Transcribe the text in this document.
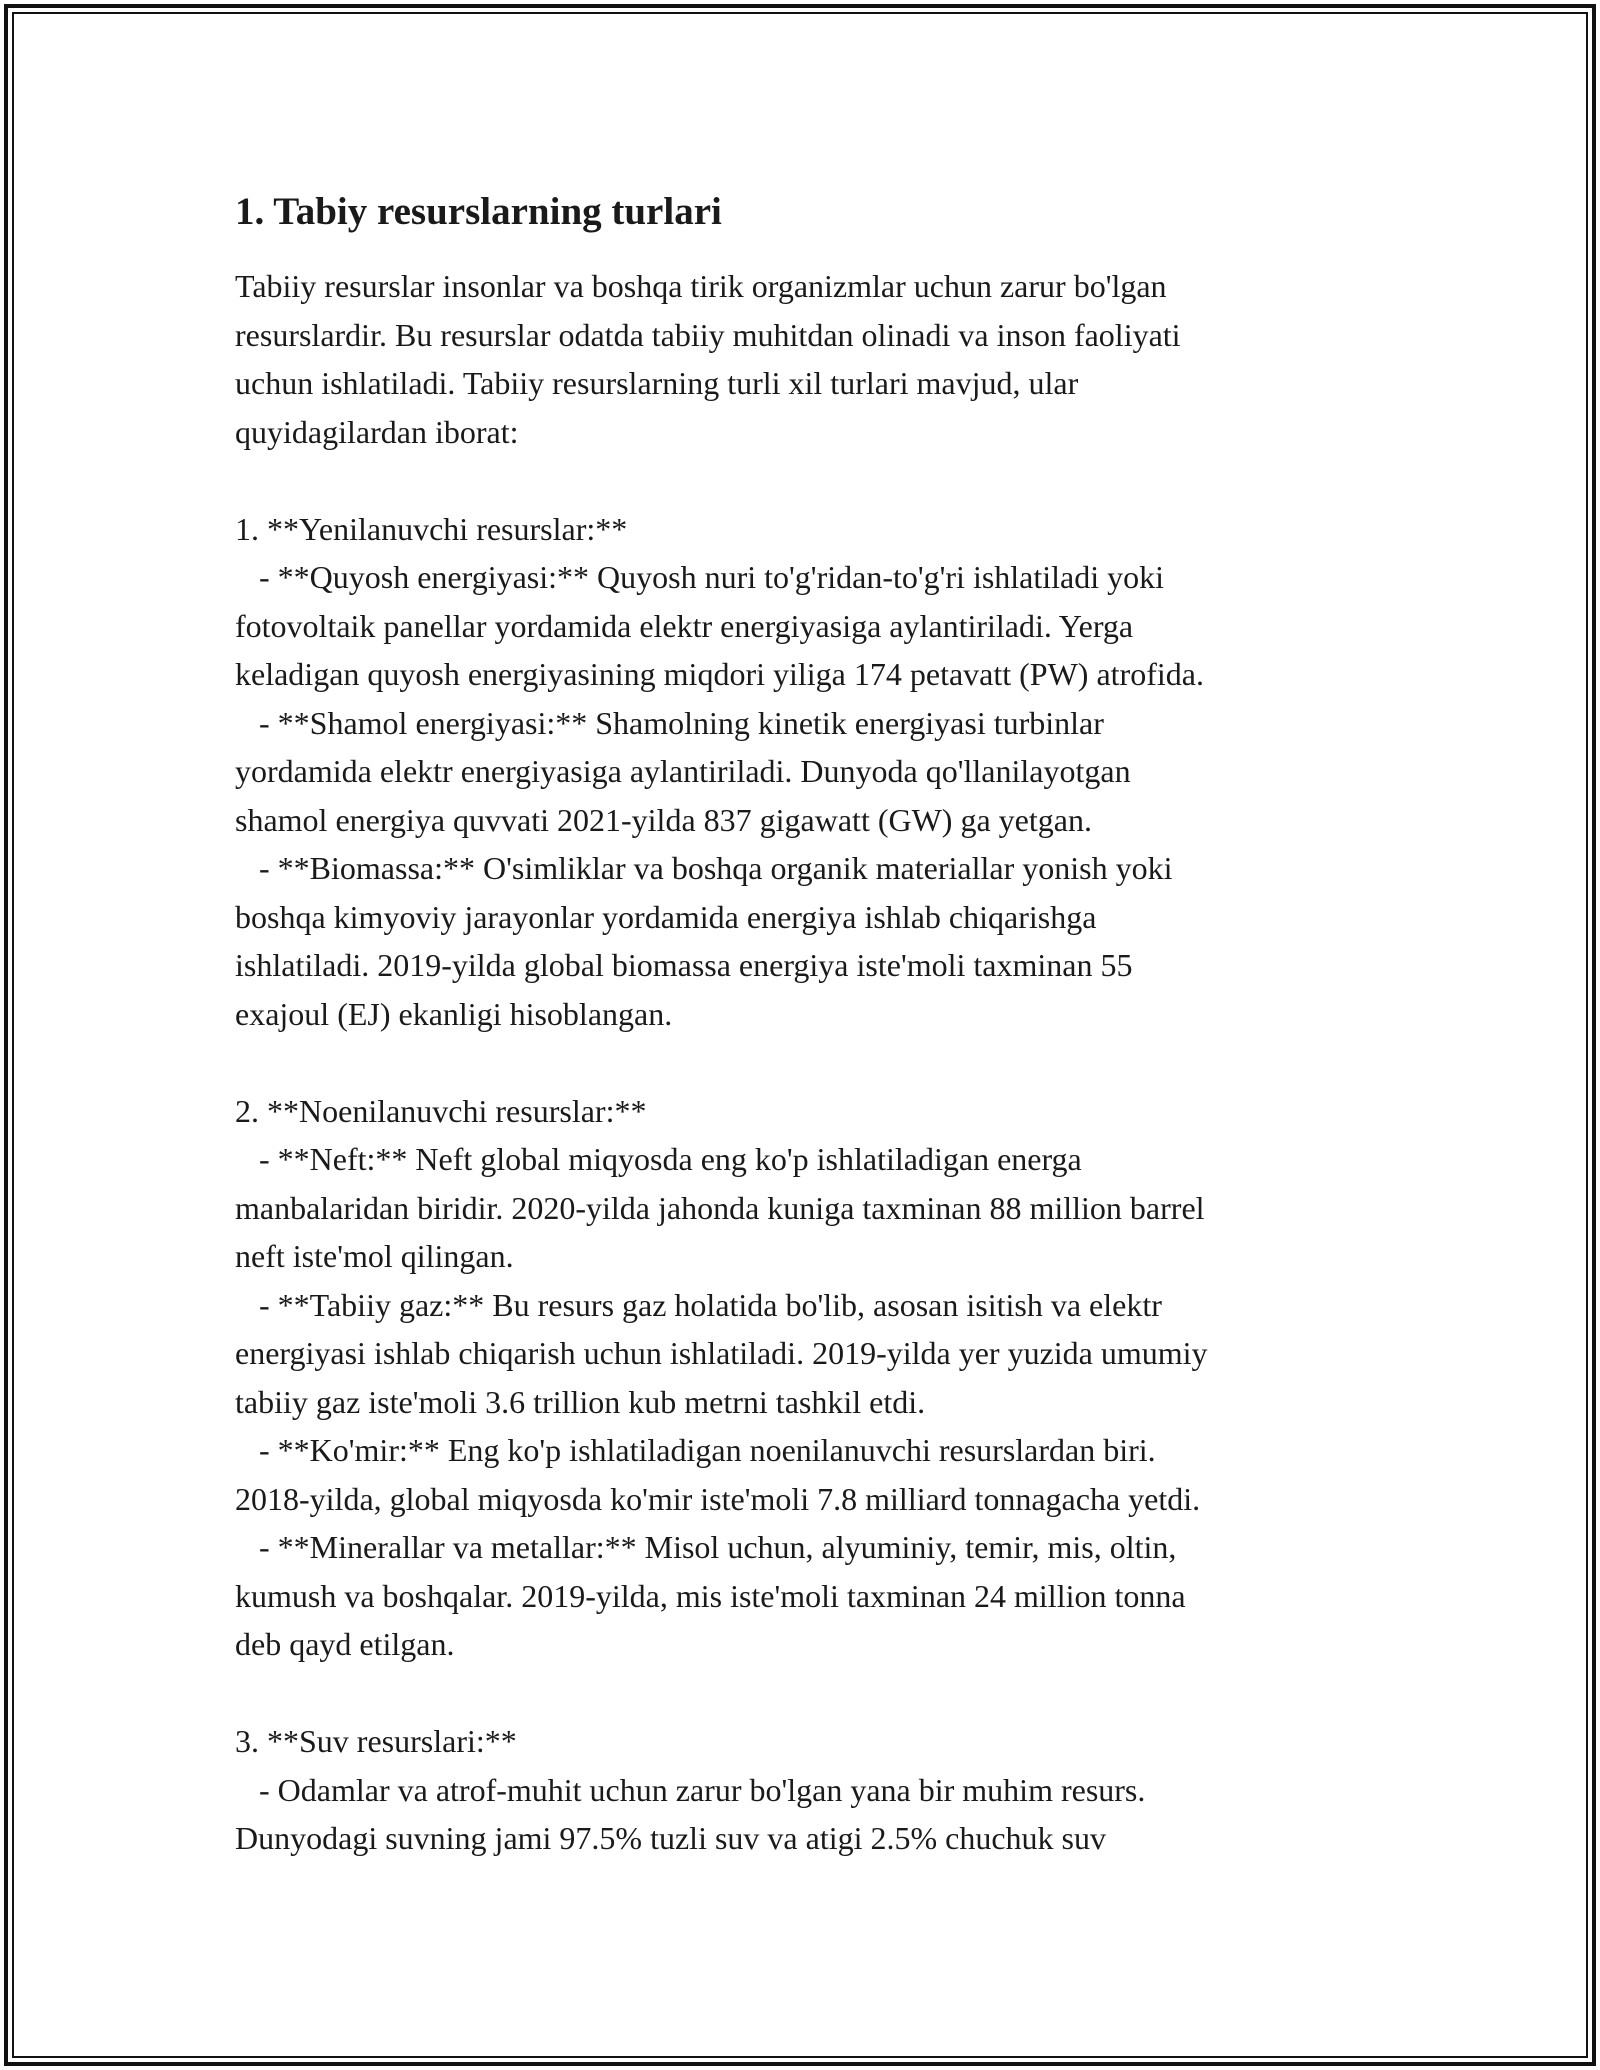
1. Tabiy resurslarning turlari

Tabiiy resurslar insonlar va boshqa tirik organizmlar uchun zarur bo'lgan
resurslardir. Bu resurslar odatda tabiiy muhitdan olinadi va inson faoliyati
uchun ishlatiladi. Tabiiy resurslarning turli xil turlari mavjud, ular
quyidagilardan iborat:

1. **Yenilanuvchi resurslar:**
- **Quyosh energiyasi:** Quyosh nuri to'g'ridan-to'g'ri ishlatiladi yoki
fotovoltaik panellar yordamida elektr energiyasiga aylantiriladi. Yerga
keladigan quyosh energiyasining miqdori yiliga 174 petavatt (PW) atrofida.
- **Shamol energiyasi:** Shamolning kinetik energiyasi turbinlar
yordamida elektr energiyasiga aylantiriladi. Dunyoda qo'llanilayotgan
shamol energiya quvvati 2021-yilda 837 gigawatt (GW) ga yetgan.
- **Biomassa:** O'simliklar va boshqa organik materiallar yonish yoki
boshqa kimyoviy jarayonlar yordamida energiya ishlab chiqarishga
ishlatiladi. 2019-yilda global biomassa energiya iste'moli taxminan 55
exajoul (EJ) ekanligi hisoblangan.

2. **Noenilanuvchi resurslar:**
- **Neft:** Neft global miqyosda eng ko'p ishlatiladigan energa
manbalaridan biridir. 2020-yilda jahonda kuniga taxminan 88 million barrel
neft iste'mol qilingan.
- **Tabiiy gaz:** Bu resurs gaz holatida bo'lib, asosan isitish va elektr
energiyasi ishlab chiqarish uchun ishlatiladi. 2019-yilda yer yuzida umumiy
tabiiy gaz iste'moli 3.6 trillion kub metrni tashkil etdi.
- **Ko'mir:** Eng ko'p ishlatiladigan noenilanuvchi resurslardan biri.
2018-yilda, global miqyosda ko'mir iste'moli 7.8 milliard tonnagacha yetdi.
- **Minerallar va metallar:** Misol uchun, alyuminiy, temir, mis, oltin,
kumush va boshqalar. 2019-yilda, mis iste'moli taxminan 24 million tonna
deb qayd etilgan.

3. **Suv resurslari:**
- Odamlar va atrof-muhit uchun zarur bo'lgan yana bir muhim resurs.
Dunyodagi suvning jami 97.5% tuzli suv va atigi 2.5% chuchuk suv
